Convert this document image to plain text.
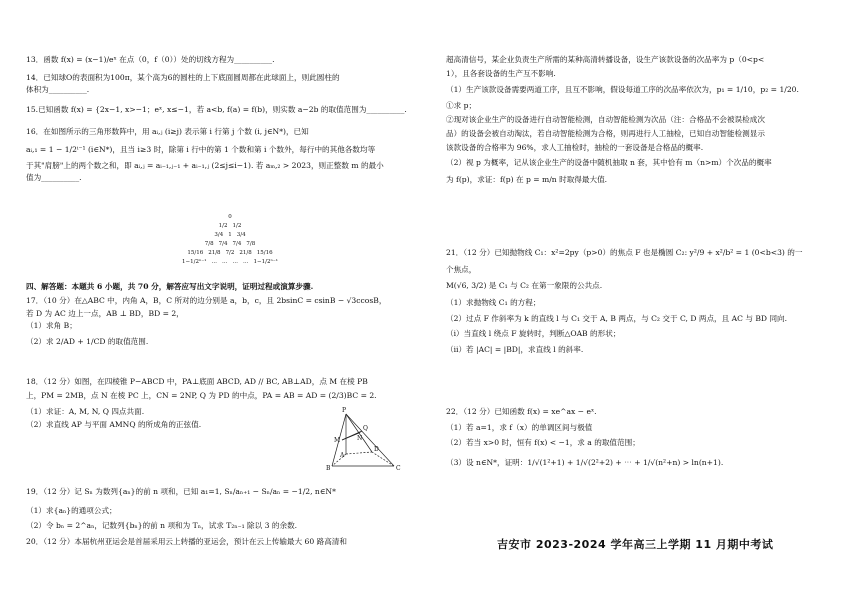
13．函数 f(x) = (x−1)/eˣ 在点（0，f（0））处的切线方程为__________.
14．已知球O的表面积为100π，某个高为6的圆柱的上下底面圆周都在此球面上，则此圆柱的
体积为__________.
15.已知函数 f(x) = {2x−1, x>−1；eˣ, x≤−1，若 a<b, f(a) = f(b)，则实数 a−2b 的取值范围为__________.
16．在如图所示的三角形数阵中，用 aᵢ,ⱼ (i≥j) 表示第 i 行第 j 个数 (i, j∈N*)，已知
aᵢ,₁ = 1 − 1/2ⁱ⁻¹ (i∈N*)，且当 i≥3 时，除第 i 行中的第 1 个数和第 i 个数外，每行中的其他各数均等
于其"肩膀"上的两个数之和，即 aᵢ,ⱼ = aᵢ₋₁,ⱼ₋₁ + aᵢ₋₁,ⱼ (2≤j≤i−1). 若 aₘ,₂ > 2023，则正整数 m 的最小
值为__________.
四、解答题：本题共 6 小题，共 70 分，解答应写出文字说明，证明过程或演算步骤.
17．（10 分）在△ABC 中，内角 A，B，C 所对的边分别是 a，b，c，且 2bsinC = csinB − √3ccosB，
若 D 为 AC 边上一点，AB ⊥ BD，BD = 2，
（1）求角 B；
（2）求 2/AD + 1/CD 的取值范围.
18．（12 分）如图，在四棱锥 P−ABCD 中，PA⊥底面 ABCD, AD // BC, AB⊥AD，点 M 在棱 PB
上，PM = 2MB，点 N 在棱 PC 上，CN = 2NP, Q 为 PD 的中点，PA = AB = AD = (2/3)BC = 2.
（1）求证：A, M, N, Q 四点共面.
（2）求直线 AP 与平面 AMNQ 的所成角的正弦值.
19．（12 分）记 Sₙ 为数列{aₙ}的前 n 项和，已知 a₁=1, Sₙ/aₙ₊₁ − Sₙ/aₙ = −1/2, n∈N*
（1）求{aₙ}的通项公式；
（2）令 bₙ = 2^aₙ，记数列{bₙ}的前 n 项和为 Tₙ，试求 T₂ₙ₋₁ 除以 3 的余数.
20．（12 分）本届杭州亚运会是首届采用云上转播的亚运会，预计在云上传输最大 60 路高清和
超高清信号，某企业负责生产所需的某种高清转播设备，设生产该款设备的次品率为 p（0<p<
1），且各套设备的生产互不影响.
（1）生产该款设备需要两道工序，且互不影响，假设每道工序的次品率依次为，p₁ = 1/10，p₂ = 1/20.
①求 p；
②现对该企业生产的设备进行自动智能检测，自动智能检测为次品（注：合格品不会被误检成次
品）的设备会被自动淘汰，若自动智能检测为合格，则再进行人工抽检，已知自动智能检测显示
该款设备的合格率为 96%，求人工抽检时，抽检的一套设备是合格品的概率.
（2）视 p 为概率，记从该企业生产的设备中随机抽取 n 套，其中恰有 m（n>m）个次品的概率
为 f(p)，求证：f(p) 在 p = m/n 时取得最大值.
21．（12 分）已知抛物线 C₁：x²=2py（p>0）的焦点 F 也是椭圆 C₂: y²/9 + x²/b² = 1 (0<b<3) 的一
个焦点，
M(√6, 3/2) 是 C₁ 与 C₂ 在第一象限的公共点.
（1）求抛物线 C₁ 的方程；
（2）过点 F 作斜率为 k 的直线 l 与 C₁ 交于 A, B 两点，与 C₂ 交于 C, D 两点，且 AC 与 BD 同向.
（i）当直线 l 绕点 F 旋转时，判断△OAB 的形状；
（ii）若 |AC| = |BD|，求直线 l 的斜率.
22．（12 分）已知函数 f(x) = xe^ax − eˣ.
（1）若 a=1，求 f（x）的单调区间与极值
（2）若当 x>0 时，恒有 f(x) < −1，求 a 的取值范围；
（3）设 n∈N*，证明：1/√(1²+1) + 1/√(2²+2) + ⋯ + 1/√(n²+n) > ln(n+1).
0
1/2 1/2
3/4 1 3/4
7/8 7/4 7/4 7/8
15/16 21/8 7/2 21/8 15/16
1−1/2ⁿ⁻¹ … … … … 1−1/2ⁿ⁻¹
P
Q
M	N
A
B	C
D
吉安市 2023-2024 学年高三上学期 11 月期中考试
